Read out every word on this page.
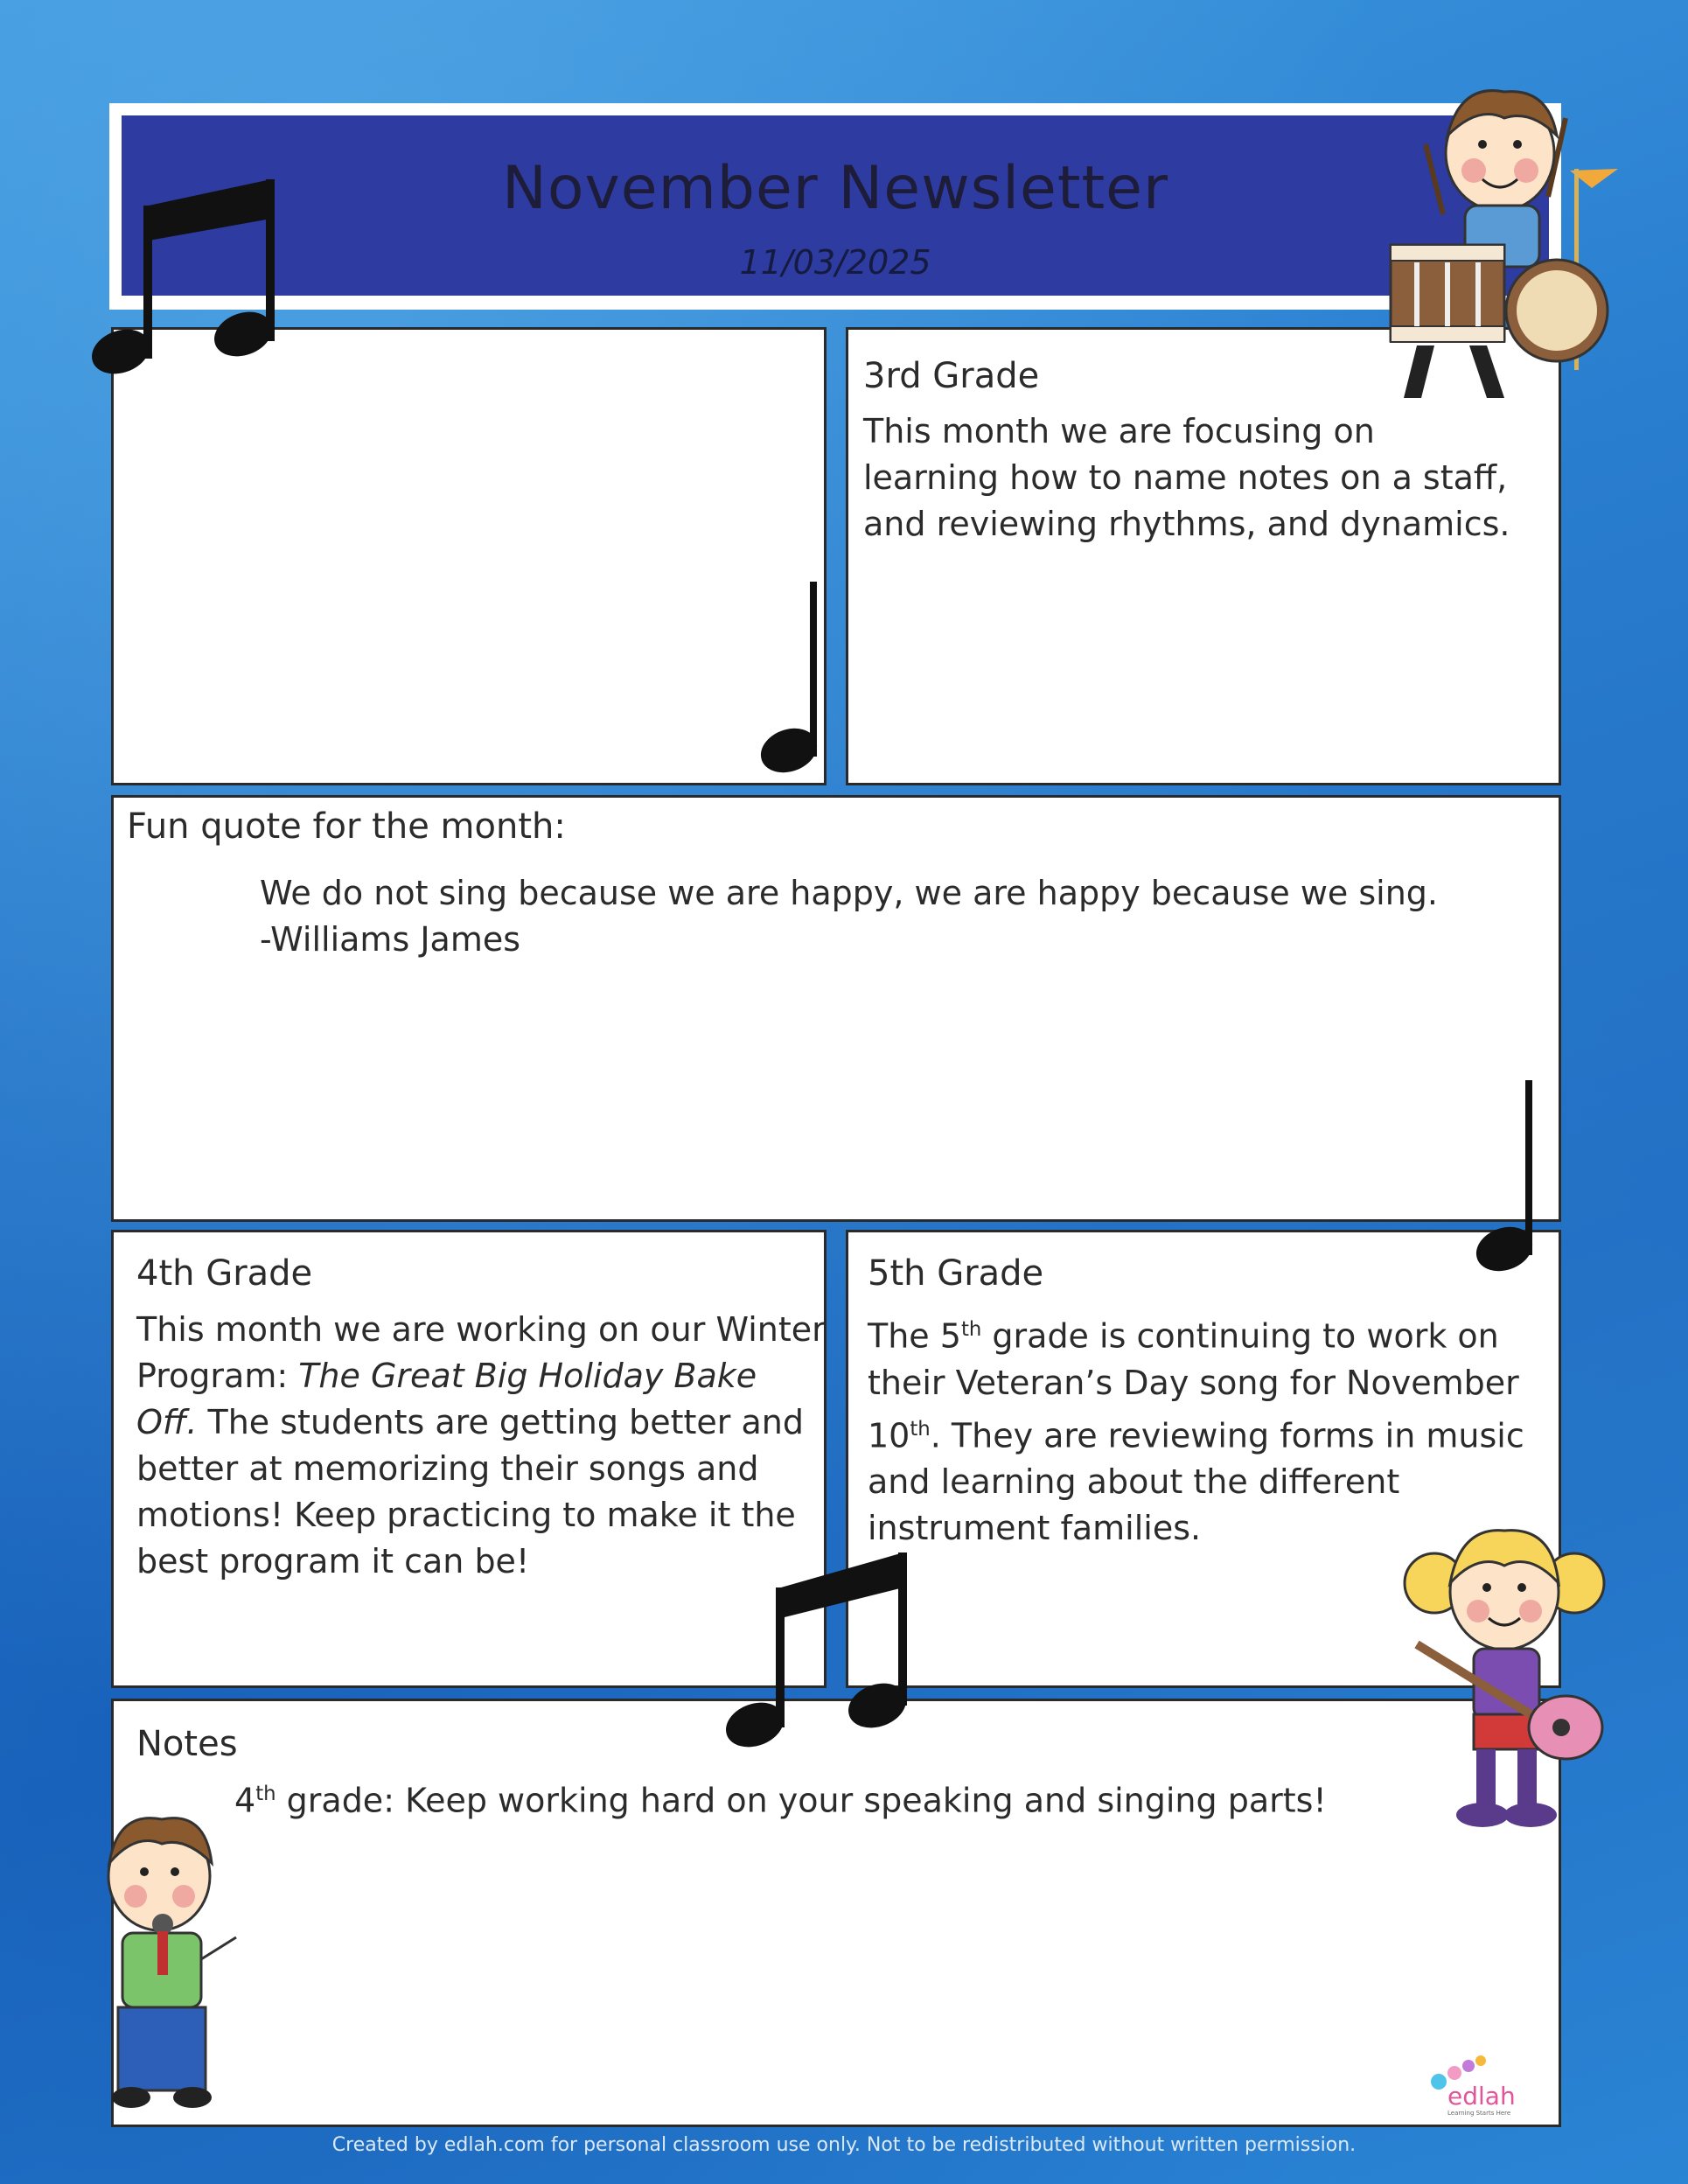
November Newsletter
11/03/2025
3rd Grade
This month we are focusing on learning how to name notes on a staff, and reviewing rhythms, and dynamics.
Fun quote for the month:
We do not sing because we are happy, we are happy because we sing.
-Williams James
4th Grade
This month we are working on our Winter Program: The Great Big Holiday Bake Off. The students are getting better and better at memorizing their songs and motions! Keep practicing to make it the best program it can be!
5th Grade
The 5th grade is continuing to work on their Veteran’s Day song for November 10th. They are reviewing forms in music and learning about the different instrument families.
Notes
4th grade: Keep working hard on your speaking and singing parts!
edlah
Learning Starts Here
Created by edlah.com for personal classroom use only. Not to be redistributed without written permission.
